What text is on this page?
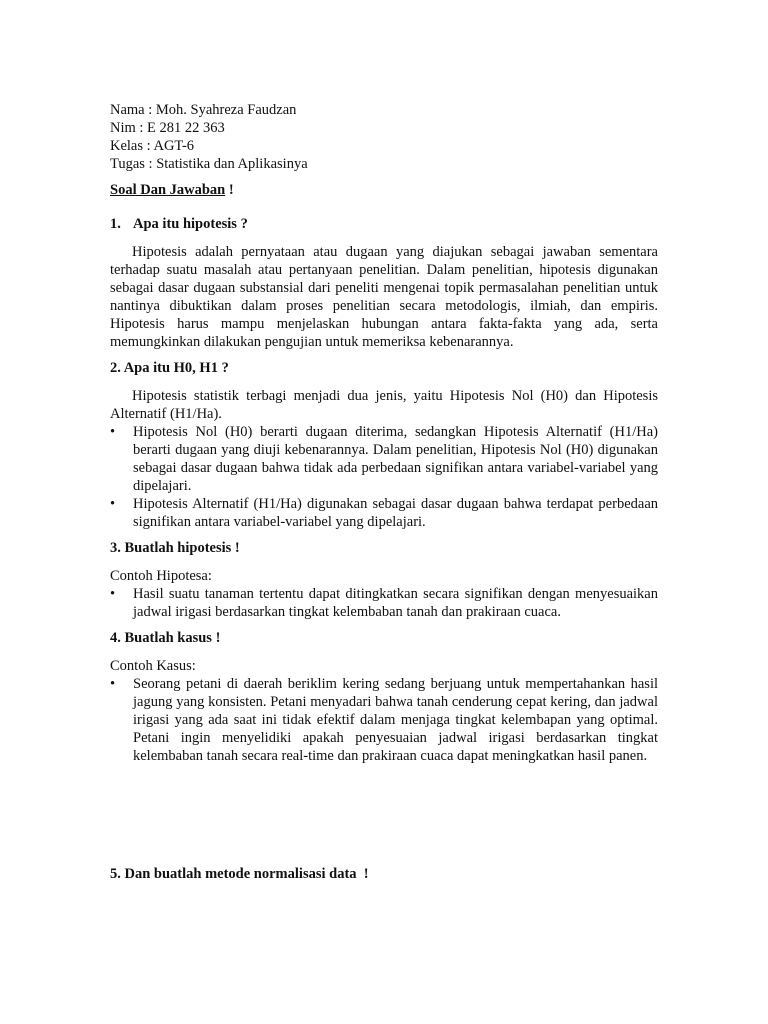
Nama : Moh. Syahreza Faudzan
Nim : E 281 22 363
Kelas : AGT-6
Tugas : Statistika dan Aplikasinya
Soal Dan Jawaban !
1. Apa itu hipotesis ?

Hipotesis adalah pernyataan atau dugaan yang diajukan sebagai jawaban sementara terhadap suatu masalah atau pertanyaan penelitian. Dalam penelitian, hipotesis digunakan sebagai dasar dugaan substansial dari peneliti mengenai topik permasalahan penelitian untuk nantinya dibuktikan dalam proses penelitian secara metodologis, ilmiah, dan empiris. Hipotesis harus mampu menjelaskan hubungan antara fakta-fakta yang ada, serta memungkinkan dilakukan pengujian untuk memeriksa kebenarannya.

2. Apa itu H0, H1 ?

Hipotesis statistik terbagi menjadi dua jenis, yaitu Hipotesis Nol (H0) dan Hipotesis Alternatif (H1/Ha).

•	Hipotesis Nol (H0) berarti dugaan diterima, sedangkan Hipotesis Alternatif (H1/Ha) berarti dugaan yang diuji kebenarannya. Dalam penelitian, Hipotesis Nol (H0) digunakan sebagai dasar dugaan bahwa tidak ada perbedaan signifikan antara variabel-variabel yang dipelajari.
•	Hipotesis Alternatif (H1/Ha) digunakan sebagai dasar dugaan bahwa terdapat perbedaan signifikan antara variabel-variabel yang dipelajari.
3. Buatlah hipotesis !

Contoh Hipotesa:

•	Hasil suatu tanaman tertentu dapat ditingkatkan secara signifikan dengan menyesuaikan jadwal irigasi berdasarkan tingkat kelembaban tanah dan prakiraan cuaca.
4. Buatlah kasus !

Contoh Kasus:

•	Seorang petani di daerah beriklim kering sedang berjuang untuk mempertahankan hasil jagung yang konsisten. Petani menyadari bahwa tanah cenderung cepat kering, dan jadwal irigasi yang ada saat ini tidak efektif dalam menjaga tingkat kelembapan yang optimal. Petani ingin menyelidiki apakah penyesuaian jadwal irigasi berdasarkan tingkat kelembaban tanah secara real-time dan prakiraan cuaca dapat meningkatkan hasil panen.
5. Dan buatlah metode normalisasi data  !
